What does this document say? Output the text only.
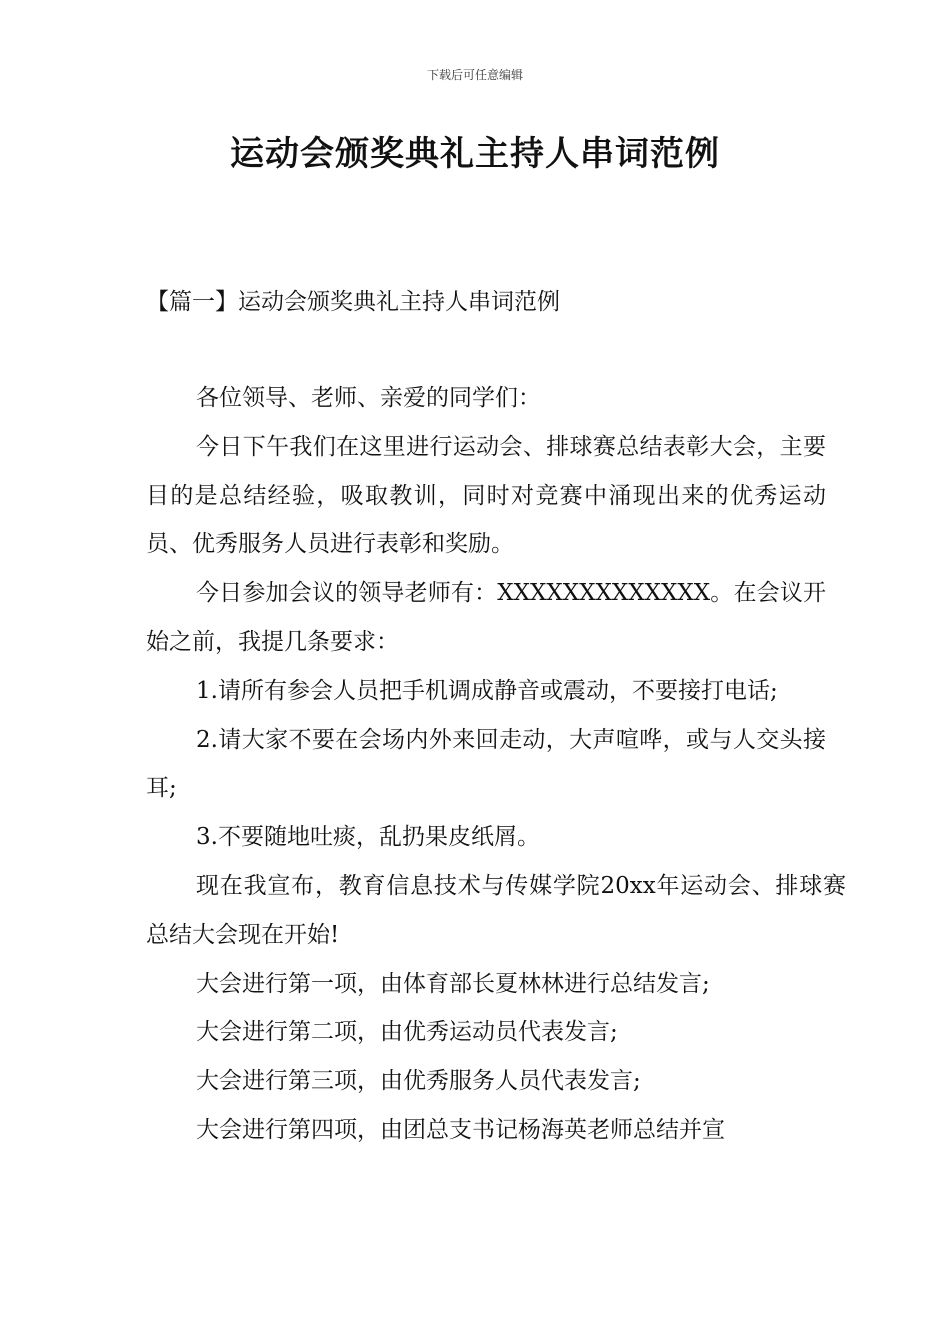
下载后可任意编辑
运动会颁奖典礼主持人串词范例
【篇一】运动会颁奖典礼主持人串词范例

各位领导、老师、亲爱的同学们：

今日下午我们在这里进行运动会、排球赛总结表彰大会，主要目的是总结经验，吸取教训，同时对竞赛中涌现出来的优秀运动员、优秀服务人员进行表彰和奖励。

今日参加会议的领导老师有：XXXXXXXXXXXXX。在会议开始之前，我提几条要求：

1.请所有参会人员把手机调成静音或震动，不要接打电话;

2.请大家不要在会场内外来回走动，大声喧哗，或与人交头接耳;

3.不要随地吐痰，乱扔果皮纸屑。

现在我宣布，教育信息技术与传媒学院20xx年运动会、排球赛总结大会现在开始!

大会进行第一项，由体育部长夏林林进行总结发言;

大会进行第二项，由优秀运动员代表发言;

大会进行第三项，由优秀服务人员代表发言;

大会进行第四项，由团总支书记杨海英老师总结并宣
